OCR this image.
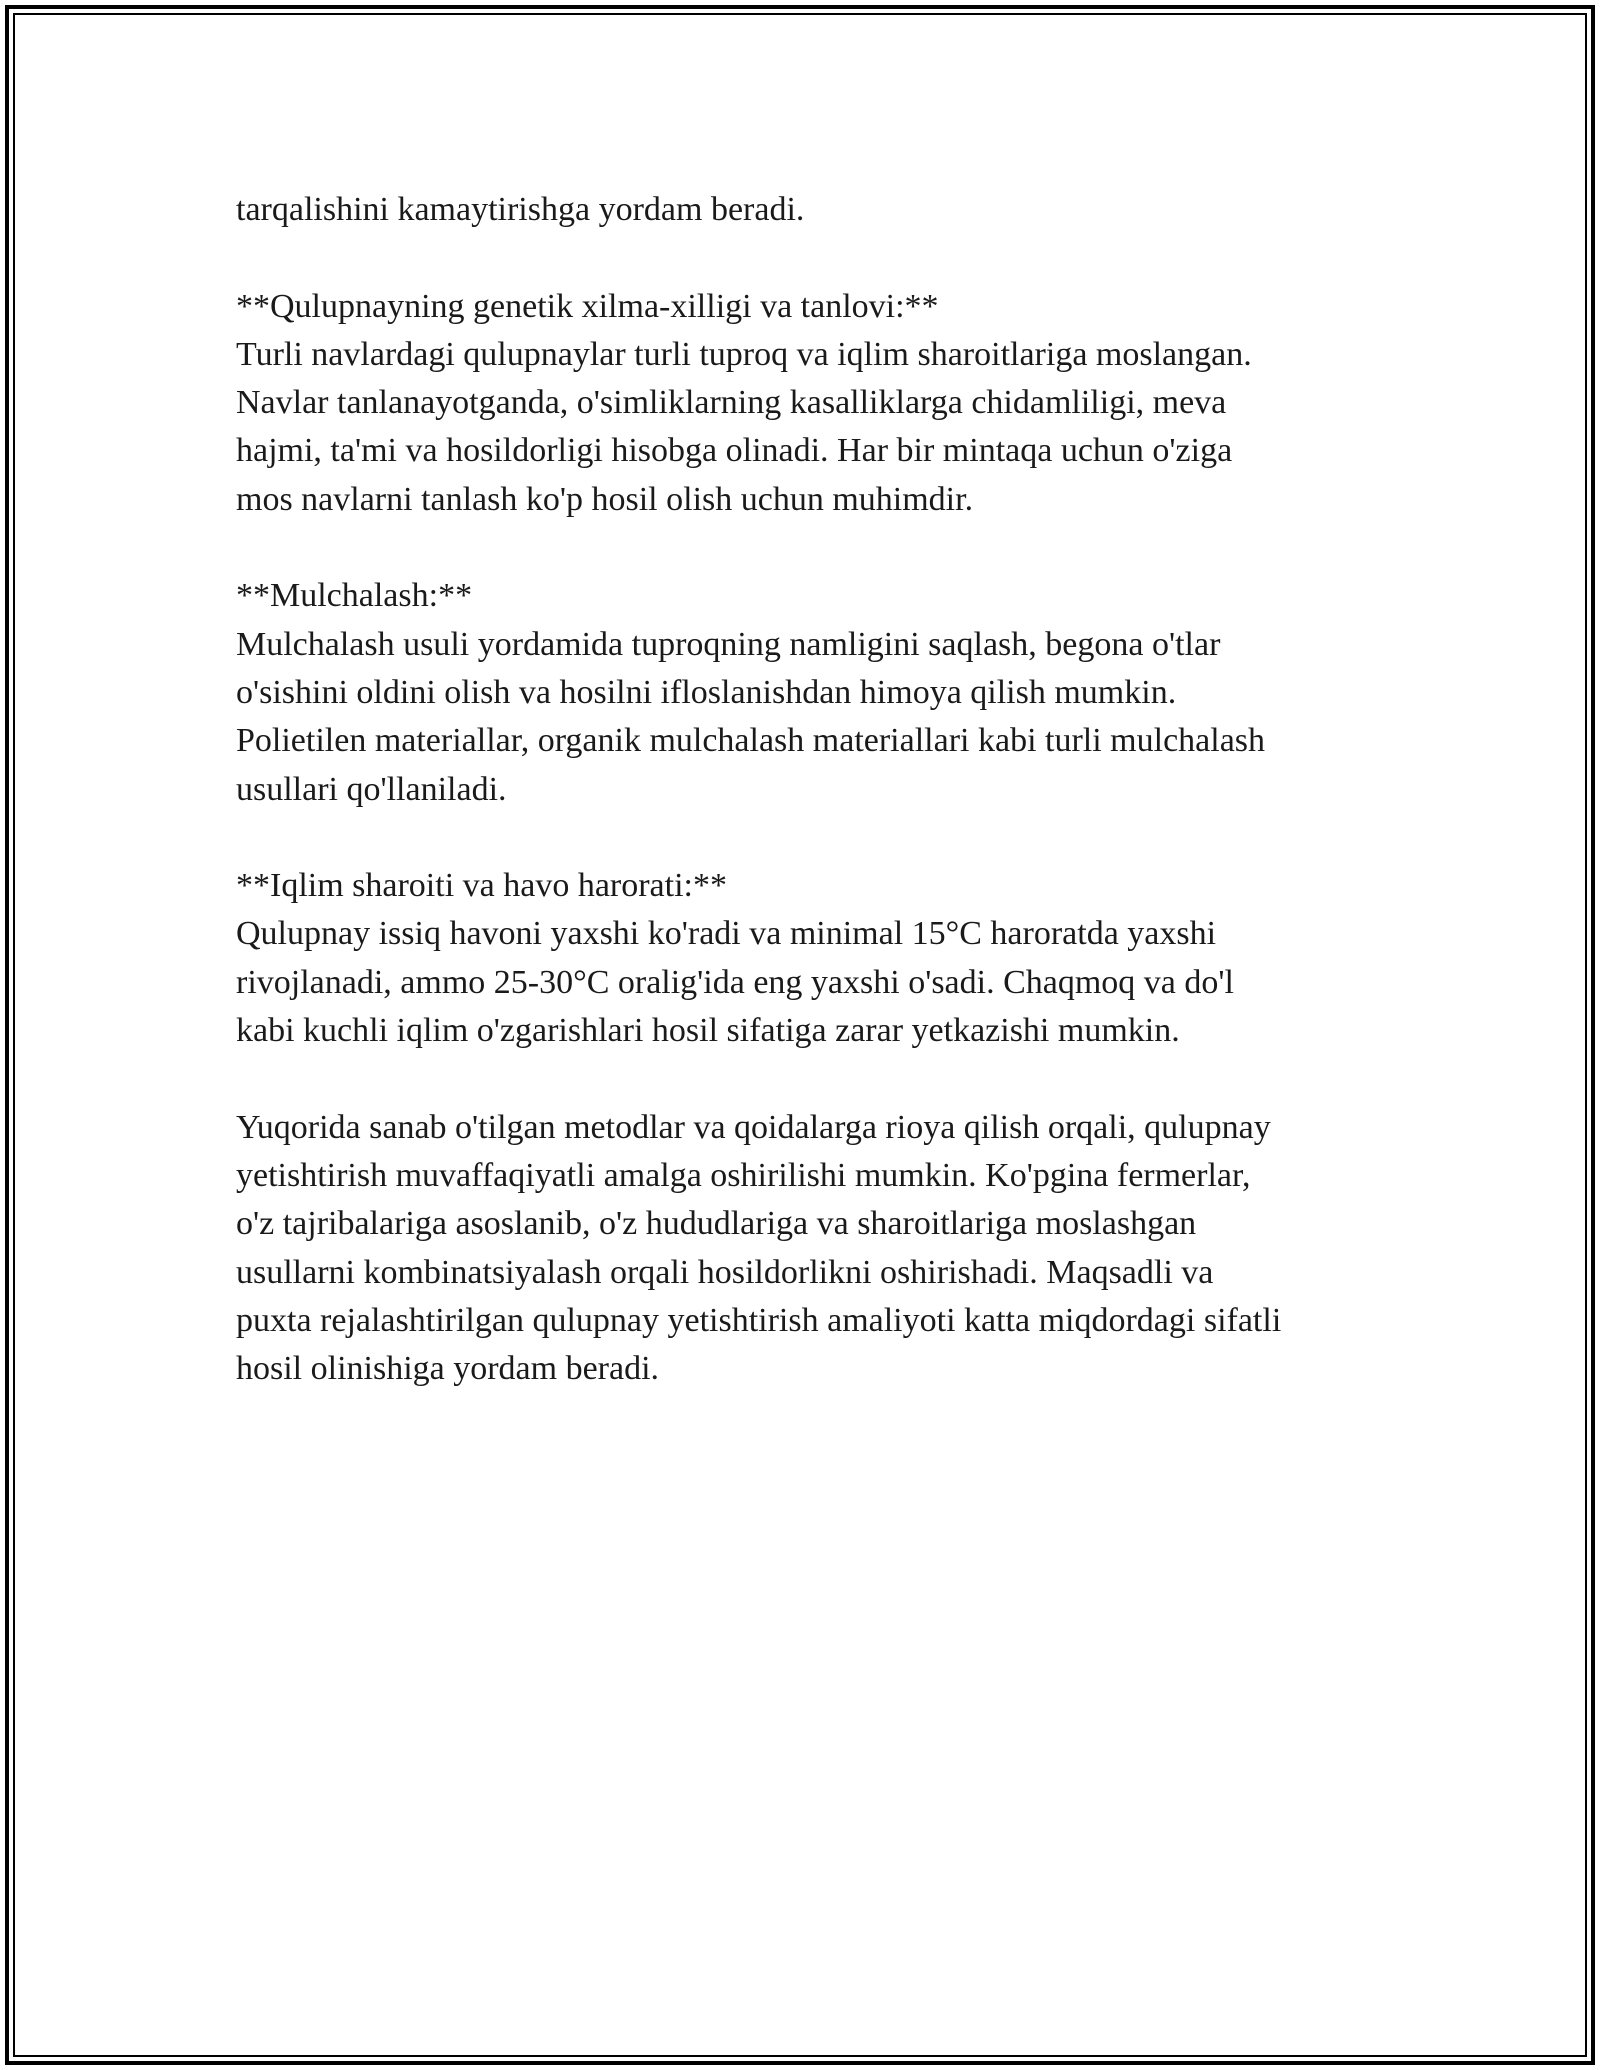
tarqalishini kamaytirishga yordam beradi.

**Qulupnayning genetik xilma-xilligi va tanlovi:**
Turli navlardagi qulupnaylar turli tuproq va iqlim sharoitlariga moslangan.
Navlar tanlanayotganda, o'simliklarning kasalliklarga chidamliligi, meva
hajmi, ta'mi va hosildorligi hisobga olinadi. Har bir mintaqa uchun o'ziga
mos navlarni tanlash ko'p hosil olish uchun muhimdir.

**Mulchalash:**
Mulchalash usuli yordamida tuproqning namligini saqlash, begona o'tlar
o'sishini oldini olish va hosilni ifloslanishdan himoya qilish mumkin.
Polietilen materiallar, organik mulchalash materiallari kabi turli mulchalash
usullari qo'llaniladi.

**Iqlim sharoiti va havo harorati:**
Qulupnay issiq havoni yaxshi ko'radi va minimal 15°C haroratda yaxshi
rivojlanadi, ammo 25-30°C oralig'ida eng yaxshi o'sadi. Chaqmoq va do'l
kabi kuchli iqlim o'zgarishlari hosil sifatiga zarar yetkazishi mumkin.

Yuqorida sanab o'tilgan metodlar va qoidalarga rioya qilish orqali, qulupnay
yetishtirish muvaffaqiyatli amalga oshirilishi mumkin. Ko'pgina fermerlar,
o'z tajribalariga asoslanib, o'z hududlariga va sharoitlariga moslashgan
usullarni kombinatsiyalash orqali hosildorlikni oshirishadi. Maqsadli va
puxta rejalashtirilgan qulupnay yetishtirish amaliyoti katta miqdordagi sifatli
hosil olinishiga yordam beradi.
